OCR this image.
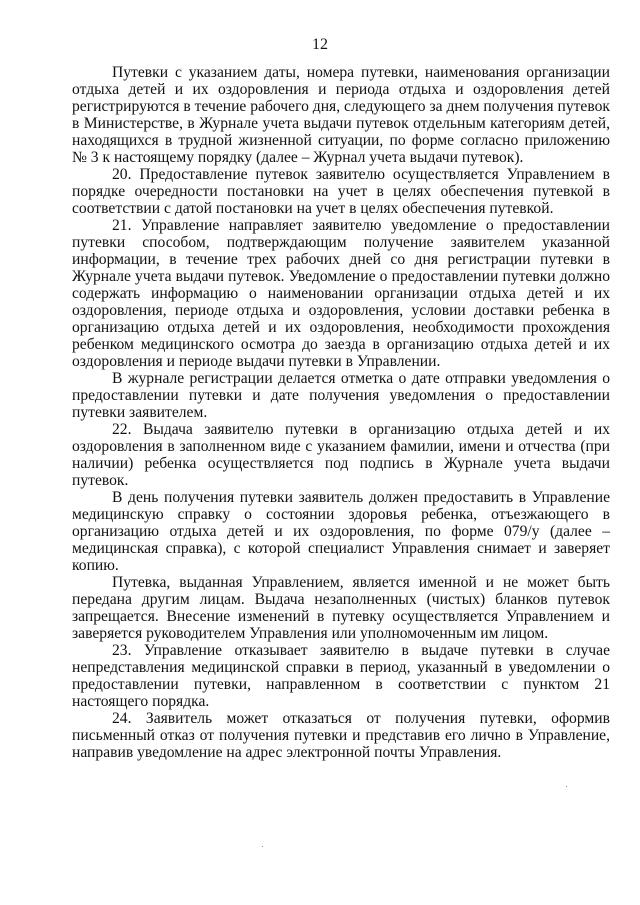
12

Путевки с указанием даты, номера путевки, наименования организации отдыха детей и их оздоровления и периода отдыха и оздоровления детей регистрируются в течение рабочего дня, следующего за днем получения путевок в Министерстве, в Журнале учета выдачи путевок отдельным категориям детей, находящихся в трудной жизненной ситуации, по форме согласно приложению № 3 к настоящему порядку (далее – Журнал учета выдачи путевок).

20. Предоставление путевок заявителю осуществляется Управлением в порядке очередности постановки на учет в целях обеспечения путевкой в соответствии с датой постановки на учет в целях обеспечения путевкой.

21. Управление направляет заявителю уведомление о предоставлении путевки способом, подтверждающим получение заявителем указанной информации, в течение трех рабочих дней со дня регистрации путевки в Журнале учета выдачи путевок. Уведомление о предоставлении путевки должно содержать информацию о наименовании организации отдыха детей и их оздоровления, периоде отдыха и оздоровления, условии доставки ребенка в организацию отдыха детей и их оздоровления, необходимости прохождения ребенком медицинского осмотра до заезда в организацию отдыха детей и их оздоровления и периоде выдачи путевки в Управлении.

В журнале регистрации делается отметка о дате отправки уведомления о предоставлении путевки и дате получения уведомления о предоставлении путевки заявителем.

22. Выдача заявителю путевки в организацию отдыха детей и их оздоровления в заполненном виде с указанием фамилии, имени и отчества (при наличии) ребенка осуществляется под подпись в Журнале учета выдачи путевок.

В день получения путевки заявитель должен предоставить в Управление медицинскую справку о состоянии здоровья ребенка, отъезжающего в организацию отдыха детей и их оздоровления, по форме 079/у (далее – медицинская справка), с которой специалист Управления снимает и заверяет копию.

Путевка, выданная Управлением, является именной и не может быть передана другим лицам. Выдача незаполненных (чистых) бланков путевок запрещается. Внесение изменений в путевку осуществляется Управлением и заверяется руководителем Управления или уполномоченным им лицом.

23. Управление отказывает заявителю в выдаче путевки в случае непредставления медицинской справки в период, указанный в уведомлении о предоставлении путевки, направленном в соответствии с пунктом 21 настоящего порядка.

24. Заявитель может отказаться от получения путевки, оформив письменный отказ от получения путевки и представив его лично в Управление, направив уведомление на адрес электронной почты Управления.
